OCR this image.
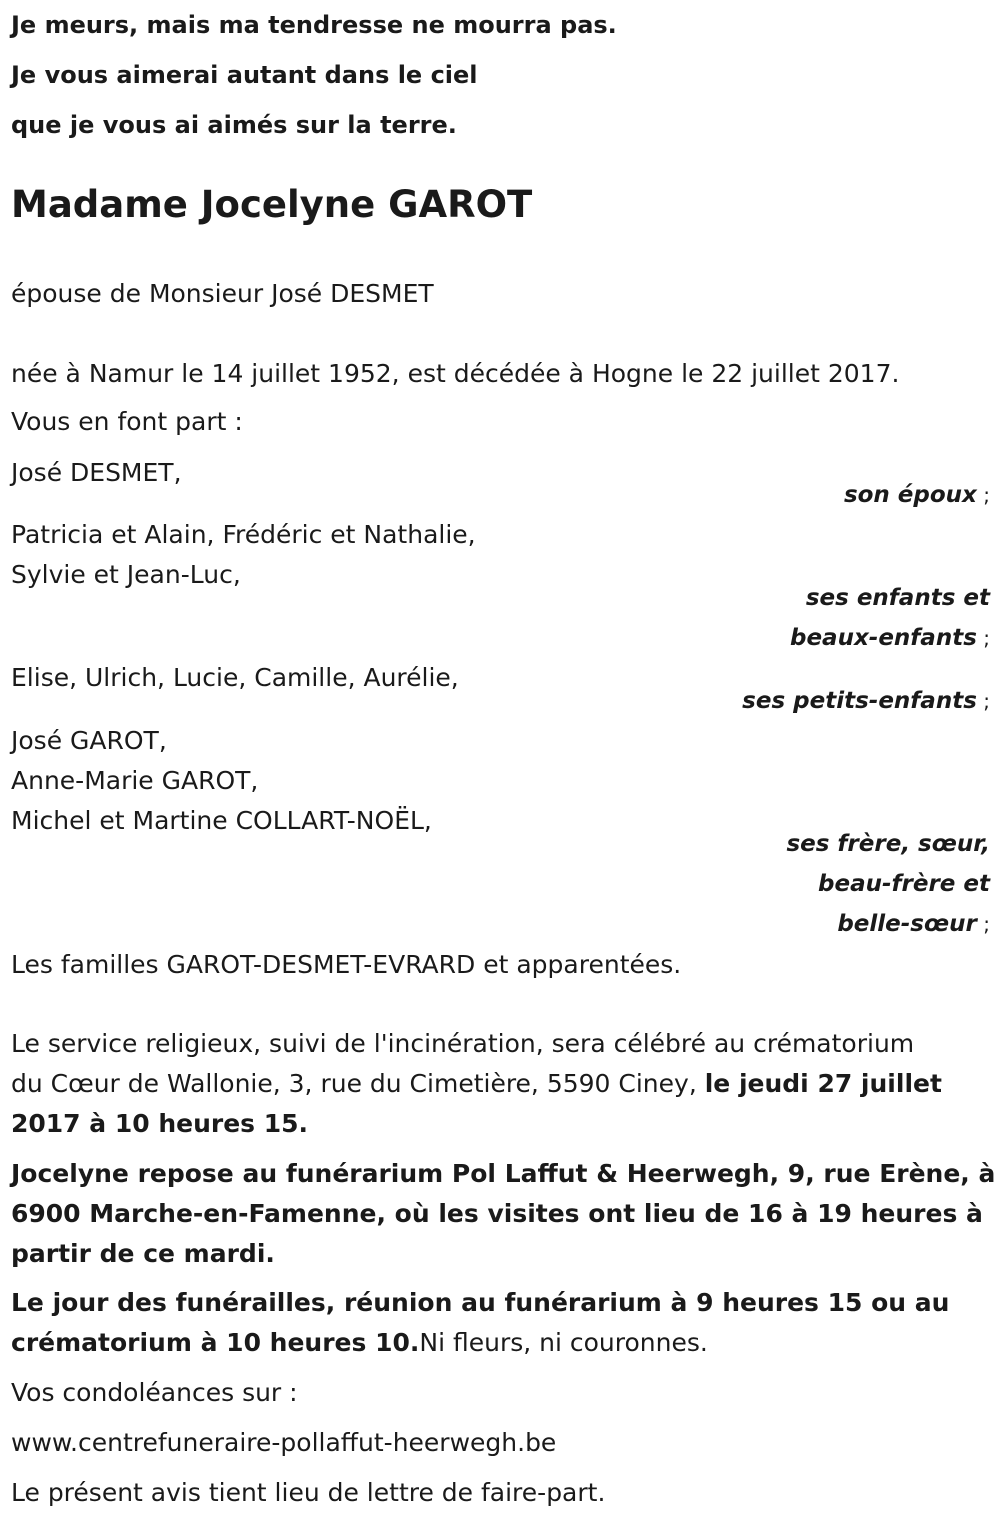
Je meurs, mais ma tendresse ne mourra pas.
Je vous aimerai autant dans le ciel
que je vous ai aimés sur la terre.
Madame Jocelyne GAROT
épouse de Monsieur José DESMET
née à Namur le 14 juillet 1952, est décédée à Hogne le 22 juillet 2017.
Vous en font part :
José DESMET,
son époux ;
Patricia et Alain, Frédéric et Nathalie,
Sylvie et Jean-Luc,
ses enfants et
beaux-enfants ;
Elise, Ulrich, Lucie, Camille, Aurélie,
ses petits-enfants ;
José GAROT,
Anne-Marie GAROT,
Michel et Martine COLLART-NOËL,
ses frère, sœur,
beau-frère et
belle-sœur ;
Les familles GAROT-DESMET-EVRARD et apparentées.
Le service religieux, suivi de l'incinération, sera célébré au crématorium
du Cœur de Wallonie, 3, rue du Cimetière, 5590 Ciney, le jeudi 27 juillet
2017 à 10 heures 15.
Jocelyne repose au funérarium Pol Laffut & Heerwegh, 9, rue Erène, à
6900 Marche-en-Famenne, où les visites ont lieu de 16 à 19 heures à
partir de ce mardi.
Le jour des funérailles, réunion au funérarium à 9 heures 15 ou au
crématorium à 10 heures 10.Ni fleurs, ni couronnes.
Vos condoléances sur :
www.centrefuneraire-pollaffut-heerwegh.be
Le présent avis tient lieu de lettre de faire-part.
